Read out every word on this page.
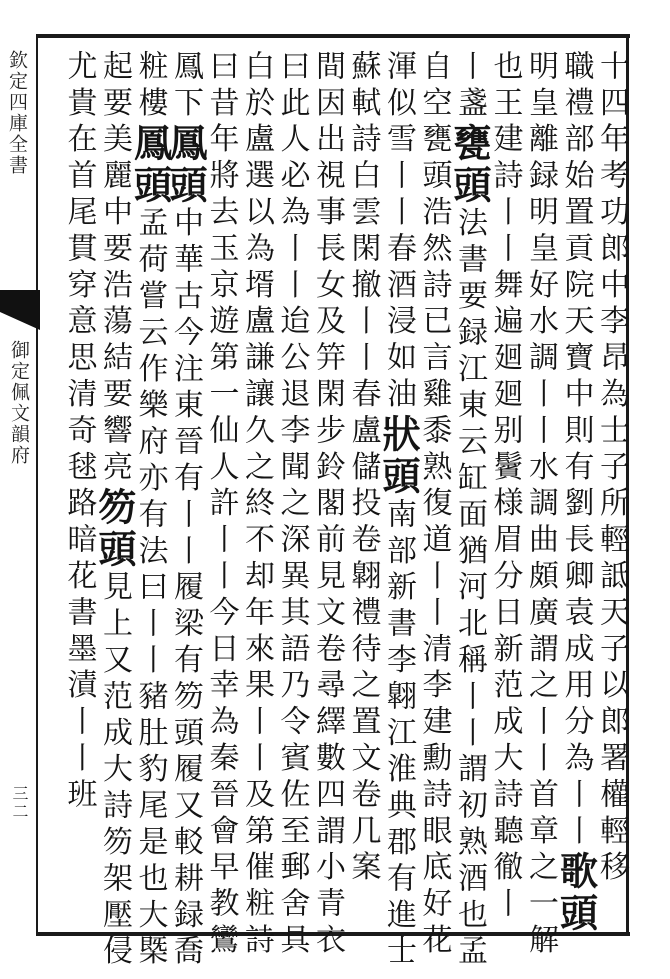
欽定四庫全書
御定佩文韻府
三二	十四年考功郎中李昂為士子所輕詆天子以郎署權輕移
職禮部始置貢院天寶中則有劉長卿袁成用分為丨丨歌頭
明皇離録明皇好水調丨丨水調曲頗廣謂之丨丨首章之一解
也王建詩丨丨舞遍廻廻别鬢様眉分日新范成大詩聽徹丨
丨盞甕頭法書要録江東云缸面猶河北稱丨丨謂初熟酒也孟
自空甕頭浩然詩已言雞黍熟復道丨丨清李建勳詩眼底好花
渾似雪丨丨春酒浸如油狀頭南部新書李翺江淮典郡有進士
蘇軾詩白雲閑撤丨丨春盧儲投卷翺禮待之置文卷几案
間因出視事長女及笄閑步鈴閣前見文卷尋繹數四謂小青衣
曰此人必為丨丨迨公退李聞之深異其語乃令賓佐至郵舍具
白於盧選以為壻盧謙讓久之終不却年來果丨丨及第催粧詩
曰昔年將去玉京遊第一仙人許丨丨今日幸為秦晉會早教鸞
鳳下鳳頭中華古今注東晉有丨丨履梁有笏頭履又䡈耕録喬
粧樓鳳頭孟荷嘗云作樂府亦有法曰丨丨豬肚豹尾是也大槩
起要美麗中要浩蕩結要響亮笏頭見上又范成大詩笏架壓侵
尤貴在首尾貫穿意思清奇毬路暗花書墨漬丨丨班
